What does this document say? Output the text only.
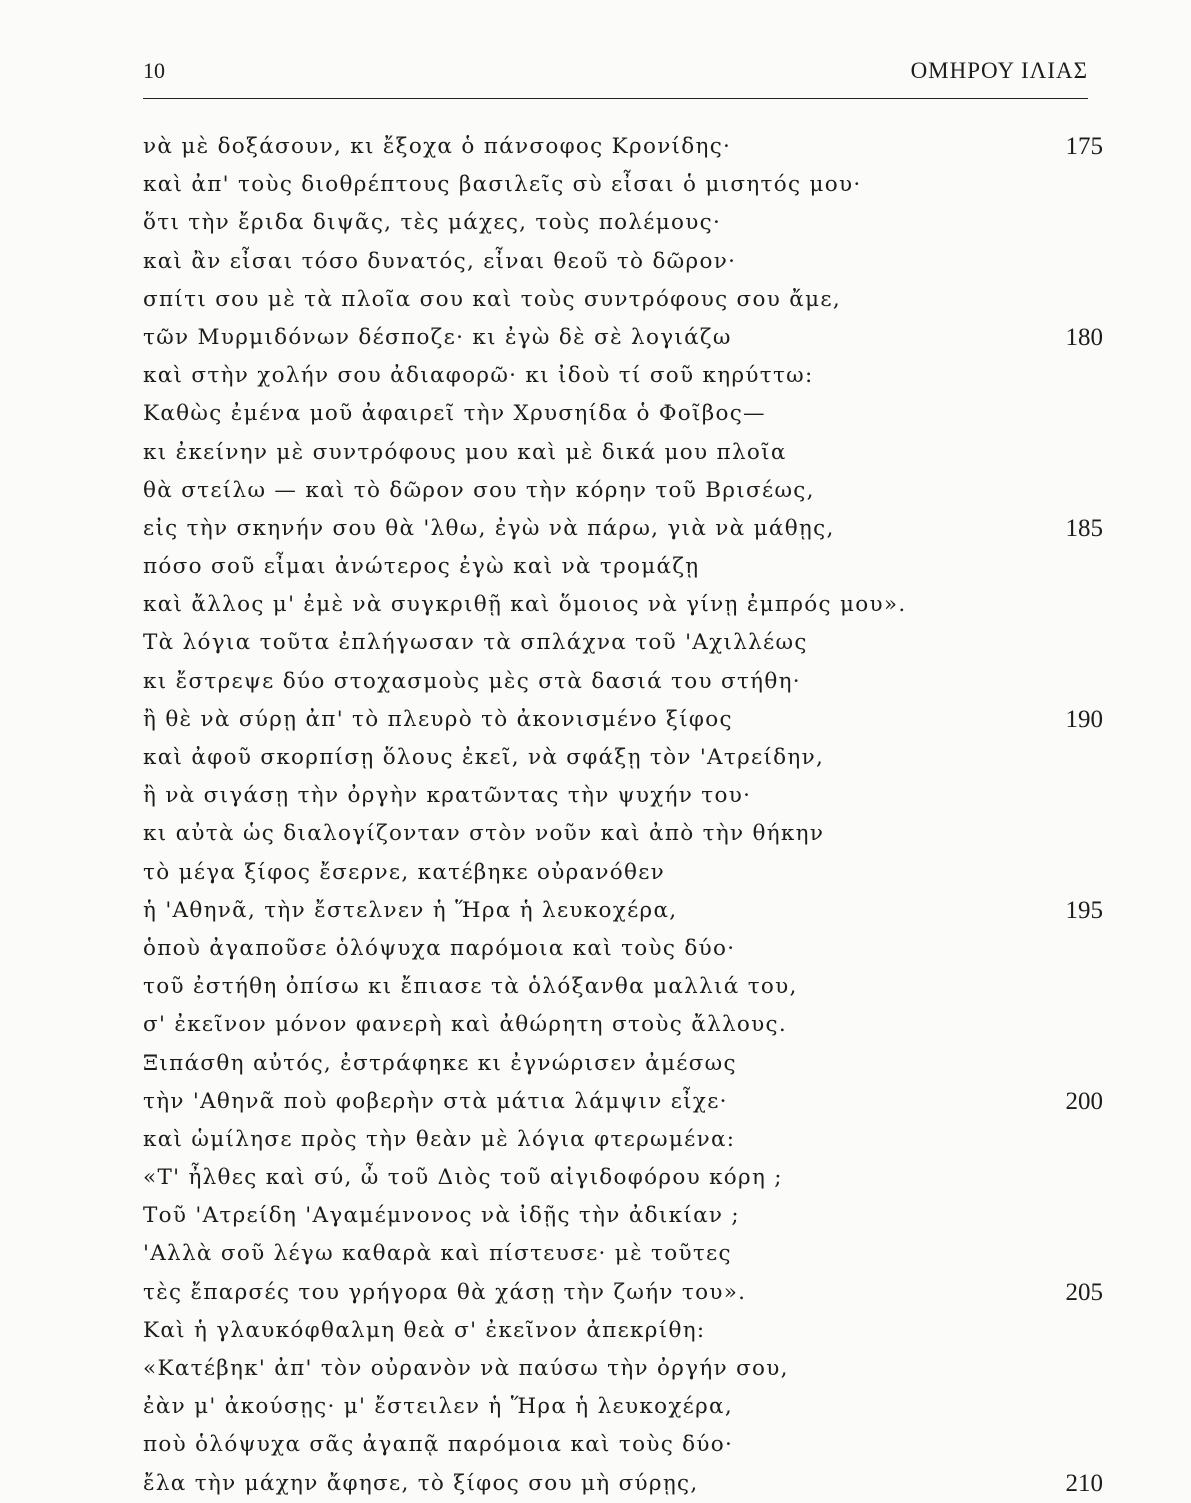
10	ΟΜΗΡΟΥ ΙΛΙΑΣ
νὰ μὲ δοξάσουν, κι ἔξοχα ὁ πάνσοφος Κρονίδης·	175
καὶ ἀπ' τοὺς διοθρέπτους βασιλεῖς σὺ εἶσαι ὁ μισητός μου·
ὅτι τὴν ἔριδα διψᾶς, τὲς μάχες, τοὺς πολέμους·
καὶ ἂν εἶσαι τόσο δυνατός, εἶναι θεοῦ τὸ δῶρον·
σπίτι σου μὲ τὰ πλοῖα σου καὶ τοὺς συντρόφους σου ἄμε,
τῶν Μυρμιδόνων δέσποζε· κι ἐγὼ δὲ σὲ λογιάζω	180
καὶ στὴν χολήν σου ἀδιαφορῶ· κι ἰδοὺ τί σοῦ κηρύττω:
Καθὼς ἐμένα μοῦ ἀφαιρεῖ τὴν Χρυσηίδα ὁ Φοῖβος—
κι ἐκείνην μὲ συντρόφους μου καὶ μὲ δικά μου πλοῖα
θὰ στείλω — καὶ τὸ δῶρον σου τὴν κόρην τοῦ Βρισέως,
εἰς τὴν σκηνήν σου θὰ 'λθω, ἐγὼ νὰ πάρω, γιὰ νὰ μάθῃς,	185
πόσο σοῦ εἶμαι ἀνώτερος ἐγὼ καὶ νὰ τρομάζῃ
καὶ ἄλλος μ' ἐμὲ νὰ συγκριθῇ καὶ ὅμοιος νὰ γίνῃ ἐμπρός μου».
Τὰ λόγια τοῦτα ἐπλήγωσαν τὰ σπλάχνα τοῦ 'Αχιλλέως
κι ἔστρεψε δύο στοχασμοὺς μὲς στὰ δασιά του στήθη·
ἢ θὲ νὰ σύρῃ ἀπ' τὸ πλευρὸ τὸ ἀκονισμένο ξίφος	190
καὶ ἀφοῦ σκορπίσῃ ὅλους ἐκεῖ, νὰ σφάξῃ τὸν 'Ατρείδην,
ἢ νὰ σιγάσῃ τὴν ὀργὴν κρατῶντας τὴν ψυχήν του·
κι αὐτὰ ὡς διαλογίζονταν στὸν νοῦν καὶ ἀπὸ τὴν θήκην
τὸ μέγα ξίφος ἔσερνε, κατέβηκε οὐρανόθεν
ἡ 'Αθηνᾶ, τὴν ἔστελνεν ἡ Ἥρα ἡ λευκοχέρα,	195
ὁποὺ ἀγαποῦσε ὁλόψυχα παρόμοια καὶ τοὺς δύο·
τοῦ ἐστήθη ὀπίσω κι ἔπιασε τὰ ὁλόξανθα μαλλιά του,
σ' ἐκεῖνον μόνον φανερὴ καὶ ἀθώρητη στοὺς ἄλλους.
Ξιπάσθη αὐτός, ἐστράφηκε κι ἐγνώρισεν ἀμέσως
τὴν 'Αθηνᾶ ποὺ φοβερὴν στὰ μάτια λάμψιν εἶχε·	200
καὶ ὡμίλησε πρὸς τὴν θεὰν μὲ λόγια φτερωμένα:
«Τ' ἦλθες καὶ σύ, ὦ τοῦ Διὸς τοῦ αἰγιδοφόρου κόρη ;
Τοῦ 'Ατρείδη 'Αγαμέμνονος νὰ ἰδῇς τὴν ἀδικίαν ;
'Αλλὰ σοῦ λέγω καθαρὰ καὶ πίστευσε· μὲ τοῦτες
τὲς ἔπαρσές του γρήγορα θὰ χάσῃ τὴν ζωήν του».	205
Καὶ ἡ γλαυκόφθαλμη θεὰ σ' ἐκεῖνον ἀπεκρίθη:
«Κατέβηκ' ἀπ' τὸν οὐρανὸν νὰ παύσω τὴν ὀργήν σου,
ἐὰν μ' ἀκούσῃς· μ' ἔστειλεν ἡ Ἥρα ἡ λευκοχέρα,
ποὺ ὁλόψυχα σᾶς ἀγαπᾷ παρόμοια καὶ τοὺς δύο·
ἔλα τὴν μάχην ἄφησε, τὸ ξίφος σου μὴ σύρῃς,	210
